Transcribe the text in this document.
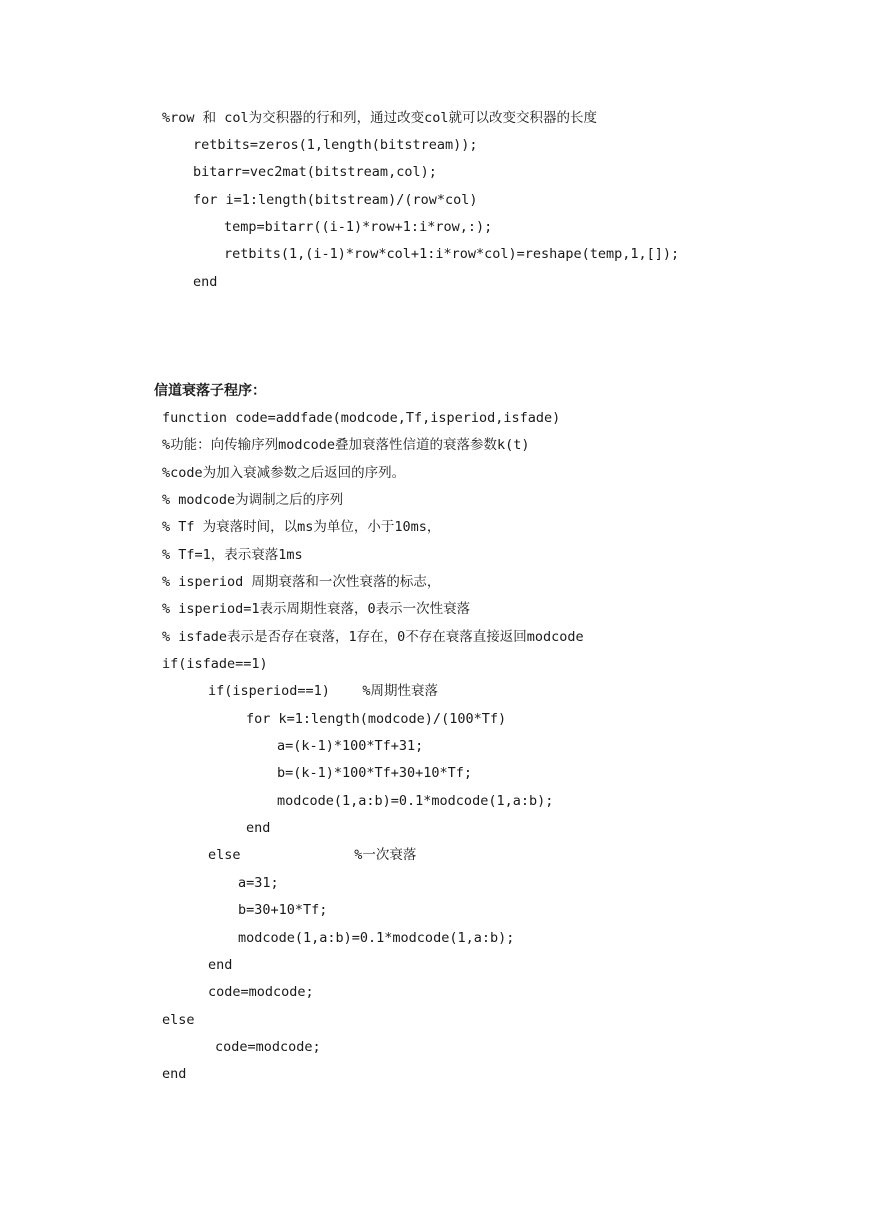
%row 和 col为交积器的行和列，通过改变col就可以改变交积器的长度
retbits=zeros(1,length(bitstream));
bitarr=vec2mat(bitstream,col);
for i=1:length(bitstream)/(row*col)
temp=bitarr((i-1)*row+1:i*row,:);
retbits(1,(i-1)*row*col+1:i*row*col)=reshape(temp,1,[]);
end
信道衰落子程序：
function code=addfade(modcode,Tf,isperiod,isfade)
%功能：向传输序列modcode叠加衰落性信道的衰落参数k(t)
%code为加入衰减参数之后返回的序列。
% modcode为调制之后的序列
% Tf 为衰落时间，以ms为单位，小于10ms，
% Tf=1，表示衰落1ms
% isperiod 周期衰落和一次性衰落的标志，
% isperiod=1表示周期性衰落，0表示一次性衰落
% isfade表示是否存在衰落，1存在，0不存在衰落直接返回modcode
if(isfade==1)
if(isperiod==1)    %周期性衰落
for k=1:length(modcode)/(100*Tf)
a=(k-1)*100*Tf+31;
b=(k-1)*100*Tf+30+10*Tf;
modcode(1,a:b)=0.1*modcode(1,a:b);
end
else              %一次衰落
a=31;
b=30+10*Tf;
modcode(1,a:b)=0.1*modcode(1,a:b);
end
code=modcode;
else
code=modcode;
end
